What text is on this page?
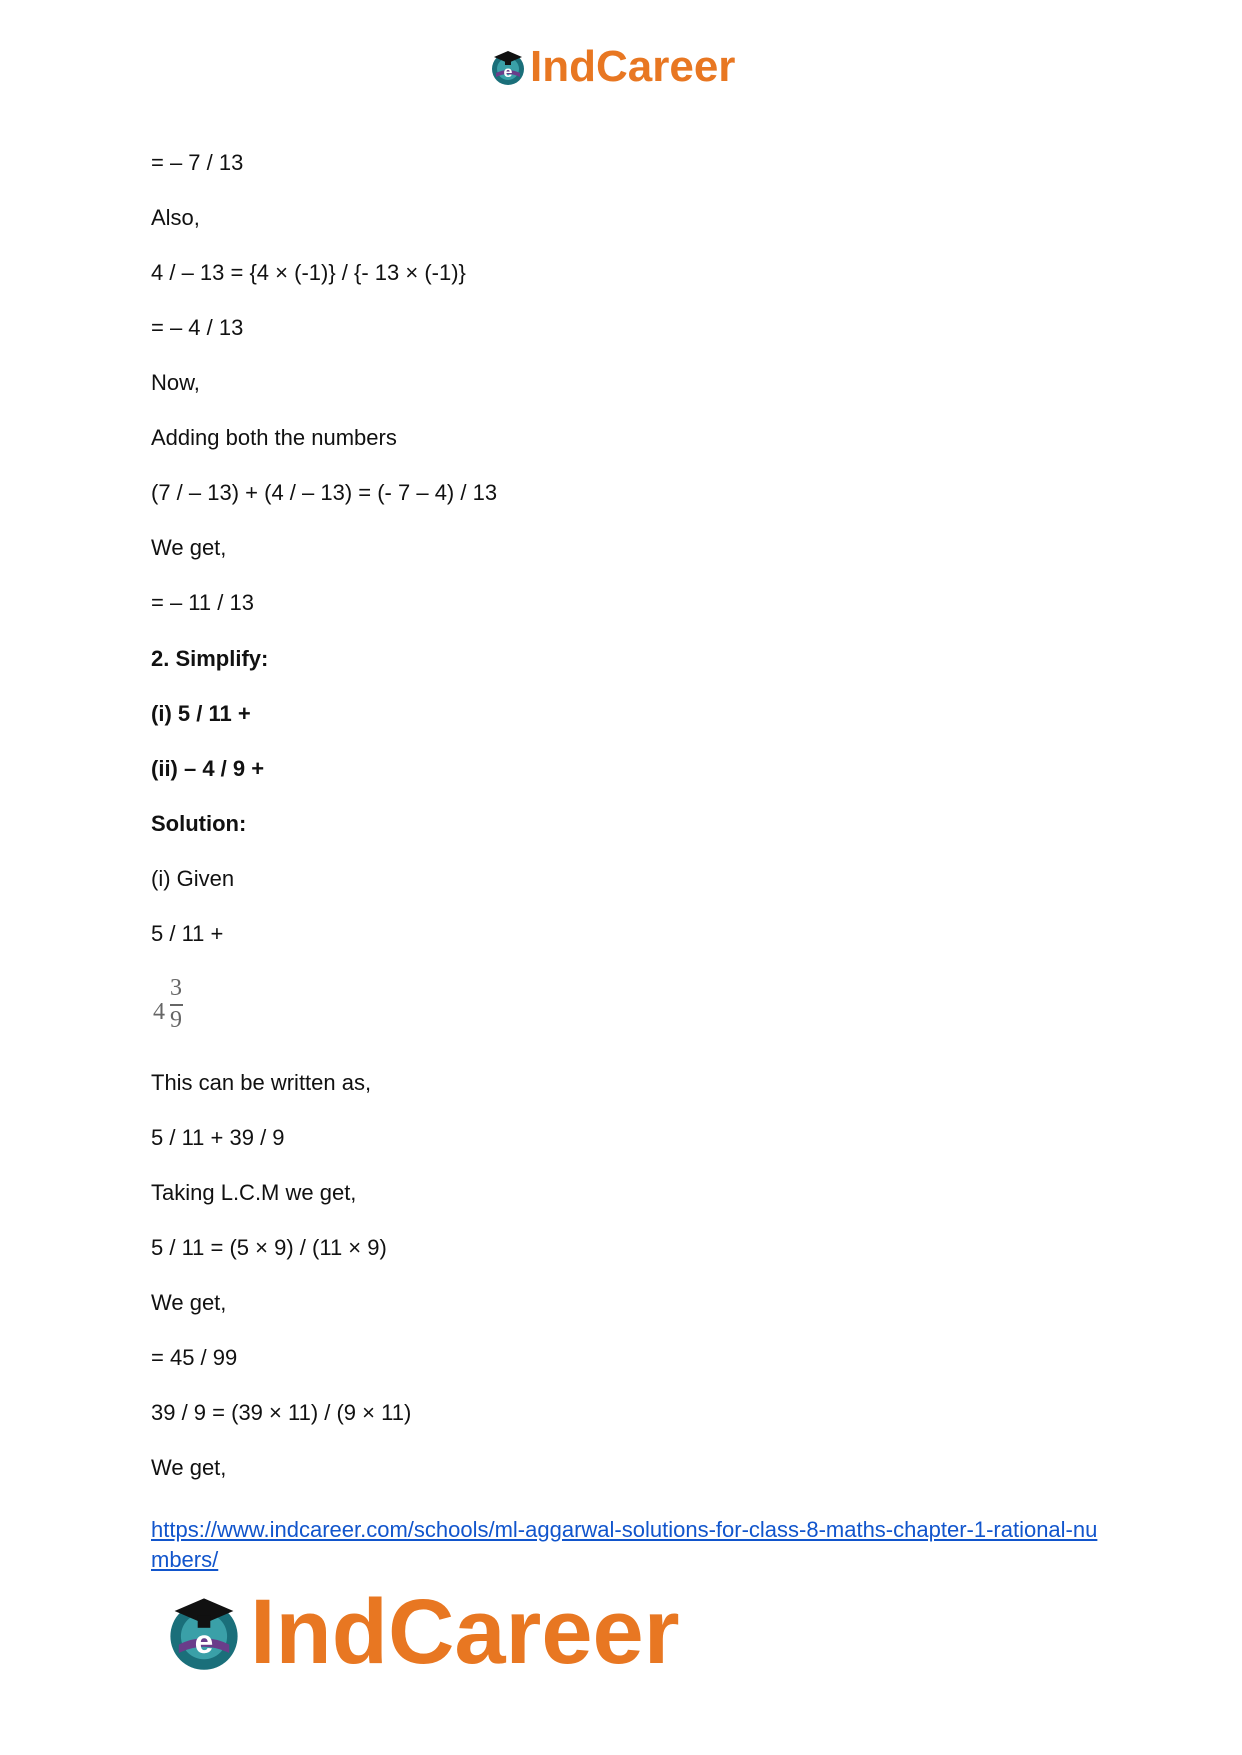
e IndCareer
= – 7 / 13
Also,
4 / – 13 = {4 × (-1)} / {- 13 × (-1)}
= – 4 / 13
Now,
Adding both the numbers
(7 / – 13) + (4 / – 13) = (- 7 – 4) / 13
We get,
= – 11 / 13
2. Simplify:
(i) 5 / 11 +
(ii) – 4 / 9 +
Solution:
(i) Given
5 / 11 +
4
3
9
This can be written as,
5 / 11 + 39 / 9
Taking L.C.M we get,
5 / 11 = (5 × 9) / (11 × 9)
We get,
= 45 / 99
39 / 9 = (39 × 11) / (9 × 11)
We get,
https://www.indcareer.com/schools/ml-aggarwal-solutions-for-class-8-maths-chapter-1-rational-numbers/
e IndCareer
